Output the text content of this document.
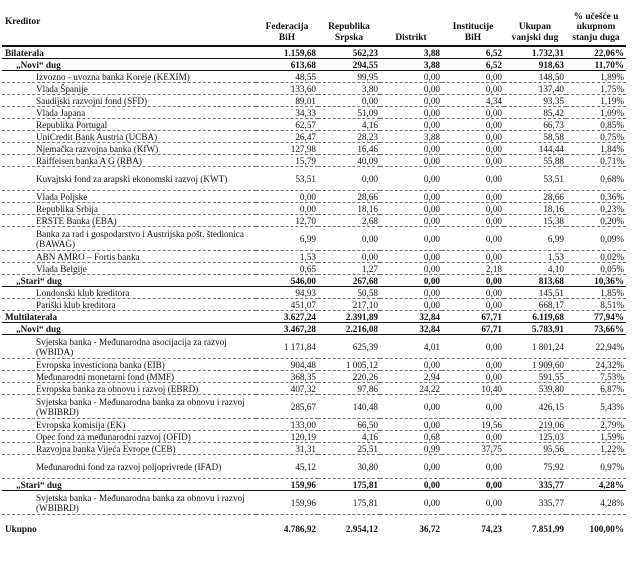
Kreditor	Federacija BiH	Republika Srpska	Distrikt	Institucije BiH	Ukupan vanjski dug	% učešće u ukupnom stanju duga
Bilaterala	1.159,68	562,23	3,88	6,52	1.732,31	22,06%
„Novi“ dug	613,68	294,55	3,88	6,52	918,63	11,70%
Izvozno - uvozna banka Koreje (KEXIM)	48,55	99,95	0,00	0,00	148,50	1,89%
Vlada Španije	133,60	3,80	0,00	0,00	137,40	1,75%
Saudijski razvojni fond (SFD)	89,01	0,00	0,00	4,34	93,35	1,19%
Vlada Japana	34,33	51,09	0,00	0,00	85,42	1,09%
Republika Portugal	62,57	4,16	0,00	0,00	66,73	0,85%
UniCredit Bank Austria (UCBA)	26,47	28,23	3,88	0,00	58,58	0,75%
Njemačka razvojna banka (KfW)	127,98	16,46	0,00	0,00	144,44	1,84%
Raiffeisen banka A G (RBA)	15,79	40,09	0,00	0,00	55,88	0,71%
Kuvajtski fond za arapski ekonomski razvoj (KWT)	53,51	0,00	0,00	0,00	53,51	0,68%
Vlada Poljske	0,00	28,66	0,00	0,00	28,66	0,36%
Republika Srbija	0,00	18,16	0,00	0,00	18,16	0,23%
ERSTE Banka (EBA)	12,70	2,68	0,00	0,00	15,38	0,20%
Banka za rad i gospodarstvo i Austrijska pošt. štedionica (BAWAG)	6,99	0,00	0,00	0,00	6,99	0,09%
ABN AMRO – Fortis banka	1,53	0,00	0,00	0,00	1,53	0,02%
Vlada Belgije	0,65	1,27	0,00	2,18	4,10	0,05%
„Stari“ dug	546,00	267,68	0,00	0,00	813,68	10,36%
Londonski klub kreditora	94,93	50,58	0,00	0,00	145,51	1,85%
Pariški klub kreditora	451,07	217,10	0,00	0,00	668,17	8,51%
Multilaterala	3.627,24	2.391,89	32,84	67,71	6.119,68	77,94%
„Novi“ dug	3.467,28	2.216,08	32,84	67,71	5.783,91	73,66%
Svjetska banka - Međunarodna asocijacija za razvoj (WBIDA)	1 171,84	625,39	4,01	0,00	1 801,24	22,94%
Evropska investiciona banka (EIB)	904,48	1 005,12	0,00	0,00	1 909,60	24,32%
Međunarodni monetarni fond (MMF)	368,35	220,26	2,94	0,00	591,55	7,53%
Evropska banka za obnovu i razvoj (EBRD)	407,32	97,86	24,22	10,40	539,80	6,87%
Svjetska banka - Međunarodna banka za obnovu i razvoj (WBIBRD)	285,67	140,48	0,00	0,00	426,15	5,43%
Evropska komisija (EK)	133,00	66,50	0,00	19,56	219,06	2,79%
Opec fond za međunarodni razvoj (OFID)	120,19	4,16	0,68	0,00	125,03	1,59%
Razvojna banka Vijeća Evrope (CEB)	31,31	25,51	0,99	37,75	95,56	1,22%
Međunarodni fond za razvoj poljoprivrede (IFAD)	45,12	30,80	0,00	0,00	75,92	0,97%
„Stari“ dug	159,96	175,81	0,00	0,00	335,77	4,28%
Svjetska banka - Međunarodna banka za obnovu i razvoj (WBIBRD)	159,96	175,81	0,00	0,00	335,77	4,28%
Ukupno	4.786,92	2.954,12	36,72	74,23	7.851,99	100,00%
